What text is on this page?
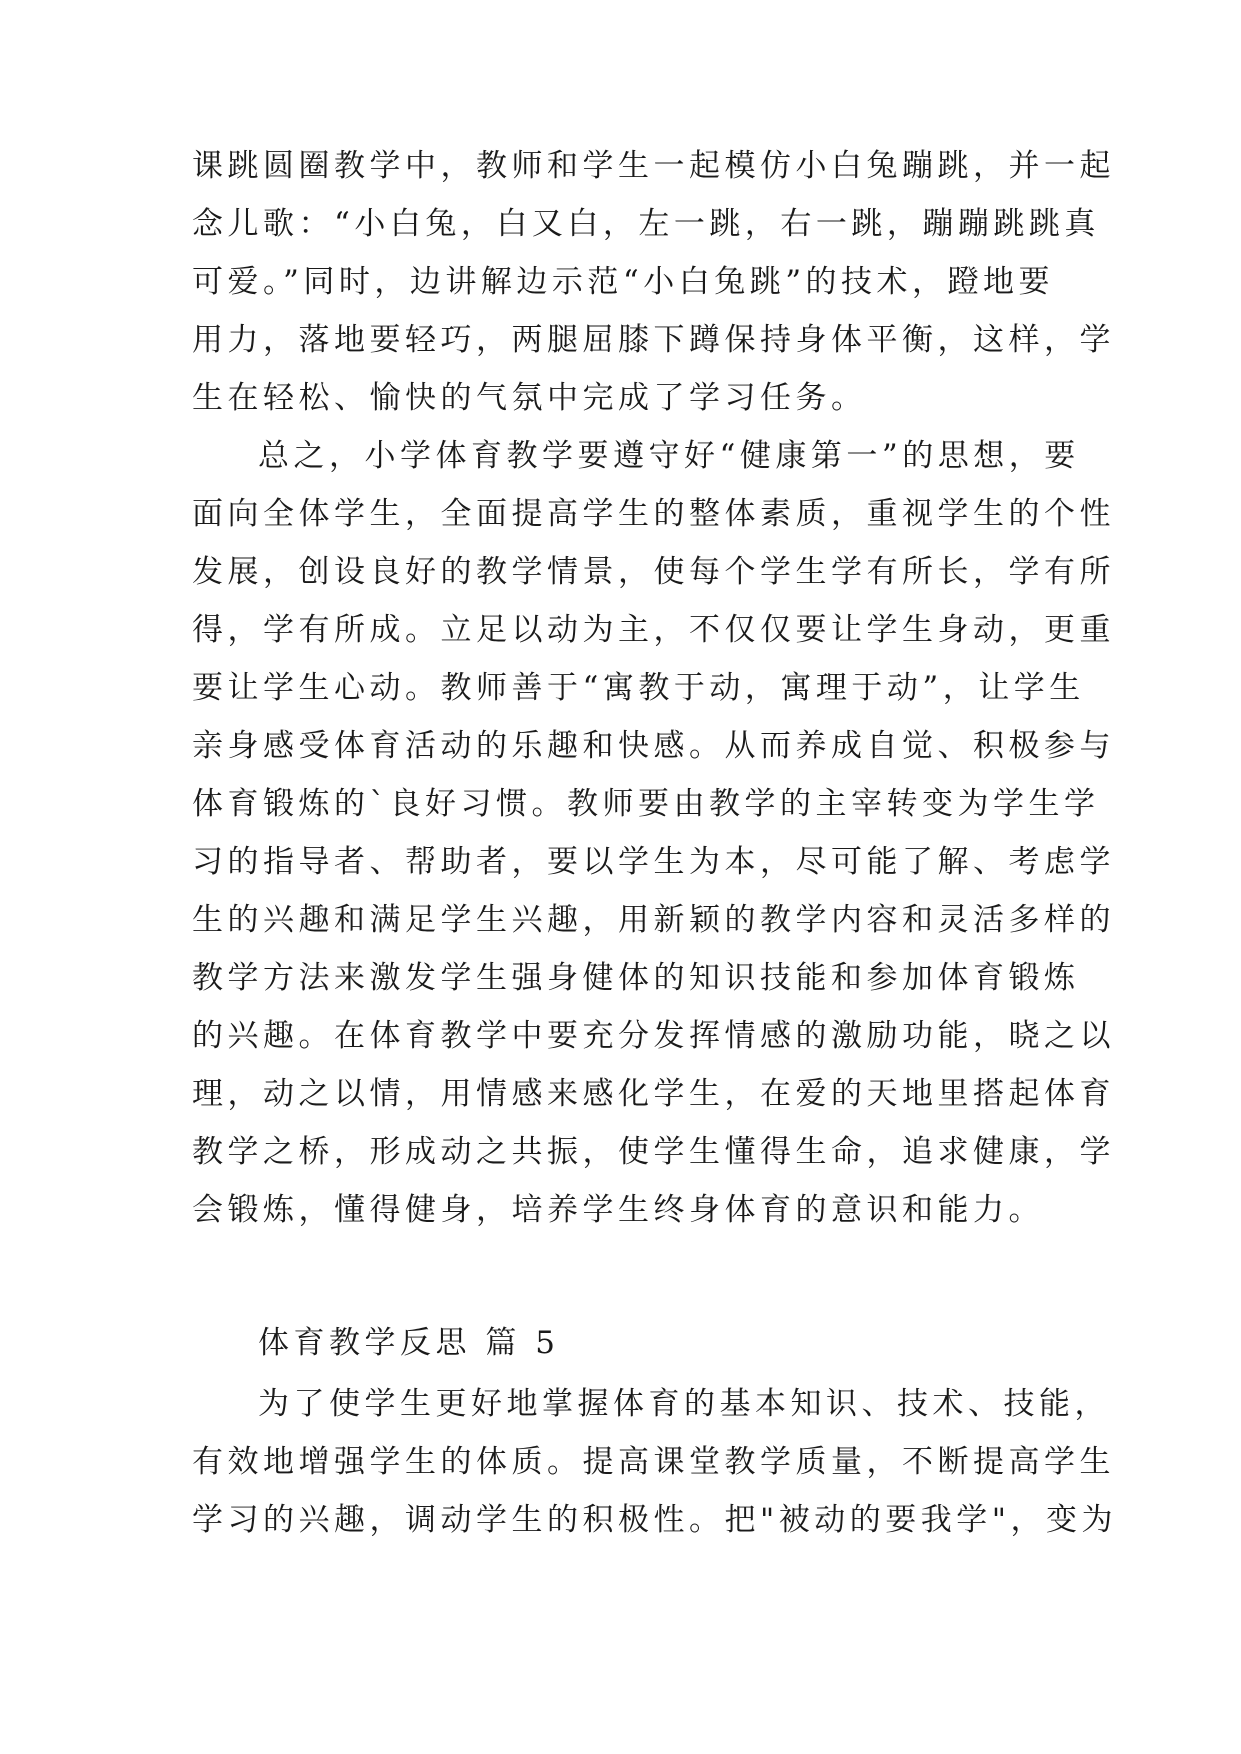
课跳圆圈教学中，教师和学生一起模仿小白兔蹦跳，并一起
念儿歌：“小白兔，白又白，左一跳，右一跳，蹦蹦跳跳真
可爱。”同时，边讲解边示范“小白兔跳”的技术，蹬地要
用力，落地要轻巧，两腿屈膝下蹲保持身体平衡，这样，学
生在轻松、愉快的气氛中完成了学习任务。
总之，小学体育教学要遵守好“健康第一”的思想，要
面向全体学生，全面提高学生的整体素质，重视学生的个性
发展，创设良好的教学情景，使每个学生学有所长，学有所
得，学有所成。立足以动为主，不仅仅要让学生身动，更重
要让学生心动。教师善于“寓教于动，寓理于动”，让学生
亲身感受体育活动的乐趣和快感。从而养成自觉、积极参与
体育锻炼的`良好习惯。教师要由教学的主宰转变为学生学
习的指导者、帮助者，要以学生为本，尽可能了解、考虑学
生的兴趣和满足学生兴趣，用新颖的教学内容和灵活多样的
教学方法来激发学生强身健体的知识技能和参加体育锻炼
的兴趣。在体育教学中要充分发挥情感的激励功能，晓之以
理，动之以情，用情感来感化学生，在爱的天地里搭起体育
教学之桥，形成动之共振，使学生懂得生命，追求健康，学
会锻炼，懂得健身，培养学生终身体育的意识和能力。
体育教学反思 篇 5
为了使学生更好地掌握体育的基本知识、技术、技能，
有效地增强学生的体质。提高课堂教学质量，不断提高学生
学习的兴趣，调动学生的积极性。把"被动的要我学"，变为
